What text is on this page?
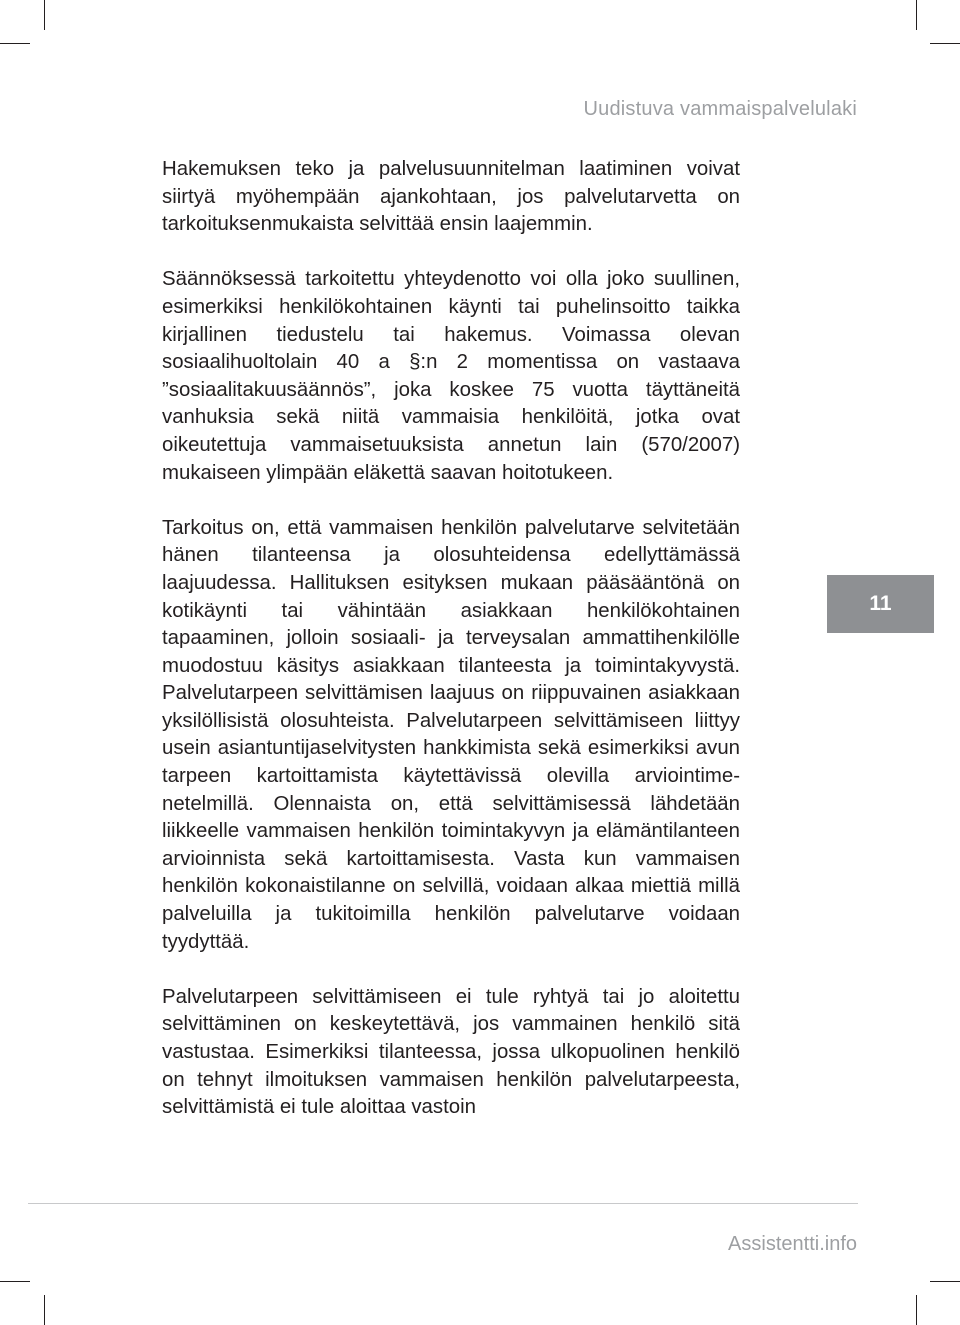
Uudistuva vammaispalvelulaki

Hakemuksen teko ja palvelusuunnitelman laatiminen voivat siirtyä myöhempään ajankohtaan, jos palvelutarvetta on tarkoituksenmukaista selvittää ensin laajemmin.

Säännöksessä tarkoitettu yhteydenotto voi olla joko suullinen, esimerkiksi henkilökohtainen käynti tai puhelinsoitto taikka kirjallinen tiedustelu tai hakemus. Voimassa olevan sosiaalihuoltolain 40 a §:n 2 momentissa on vastaava ”sosiaalitakuusäännös”, joka koskee 75 vuotta täyttäneitä vanhuksia sekä niitä vammaisia henkilöitä, jotka ovat oikeutettuja vammaisetuuksista annetun lain (570/2007) mukaiseen ylimpään eläkettä saavan hoitotukeen.

Tarkoitus on, että vammaisen henkilön palvelutarve selvitetään hänen tilanteensa ja olosuhteidensa edellyttämässä laajuudessa. Hallituksen esityksen mukaan pääsääntönä on kotikäynti tai vähintään asiakkaan henkilökohtainen tapaaminen, jolloin sosiaali- ja terveysalan ammattihenkilölle muodostuu käsitys asiakkaan tilanteesta ja toimintakyvystä. Palvelutarpeen selvittämisen laajuus on riippuvainen asiakkaan yksilöllisistä olosuhteista. Palvelutarpeen selvittämiseen liittyy usein asiantuntijaselvitysten hankkimista sekä esimerkiksi avun tarpeen kartoittamista käytettävissä olevilla arviointimenetelmillä. Olennaista on, että selvittämisessä lähdetään liikkeelle vammaisen henkilön toimintakyvyn ja elämäntilanteen arvioinnista sekä kartoittamisesta. Vasta kun vammaisen henkilön kokonaistilanne on selvillä, voidaan alkaa miettiä millä palveluilla ja tukitoimilla henkilön palvelutarve voidaan tyydyttää.

Palvelutarpeen selvittämiseen ei tule ryhtyä tai jo aloitettu selvittäminen on keskeytettävä, jos vammainen henkilö sitä vastustaa. Esimerkiksi tilanteessa, jossa ulkopuolinen henkilö on tehnyt ilmoituksen vammaisen henkilön palvelutarpeesta, selvittämistä ei tule aloittaa vastoin

11
Assistentti.info
